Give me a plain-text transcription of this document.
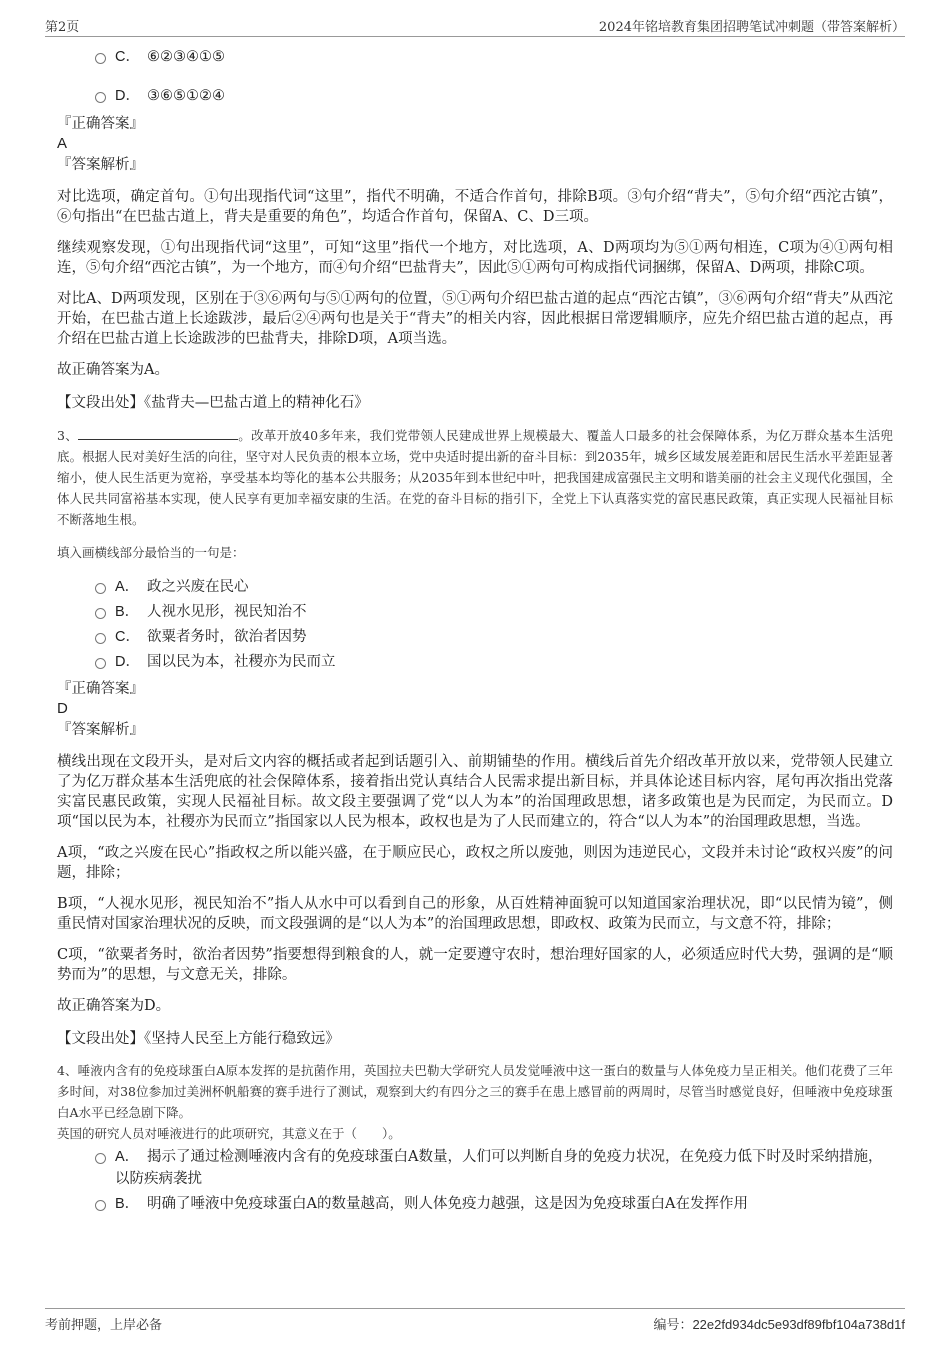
第2页	2024年铭培教育集团招聘笔试冲刺题（带答案解析）
C． ⑥②③④①⑤
D． ③⑥⑤①②④
『正确答案』
A
『答案解析』
对比选项，确定首句。①句出现指代词“这里”，指代不明确，不适合作首句，排除B项。③句介绍“背夫”，⑤句介绍“西沱古镇”，⑥句指出“在巴盐古道上，背夫是重要的角色”，均适合作首句，保留A、C、D三项。
继续观察发现，①句出现指代词“这里”，可知“这里”指代一个地方，对比选项，A、D两项均为⑤①两句相连，C项为④①两句相连，⑤句介绍“西沱古镇”，为一个地方，而④句介绍“巴盐背夫”，因此⑤①两句可构成指代词捆绑，保留A、D两项，排除C项。
对比A、D两项发现，区别在于③⑥两句与⑤①两句的位置，⑤①两句介绍巴盐古道的起点“西沱古镇”，③⑥两句介绍“背夫”从西沱开始，在巴盐古道上长途跋涉，最后②④两句也是关于“背夫”的相关内容，因此根据日常逻辑顺序，应先介绍巴盐古道的起点，再介绍在巴盐古道上长途跋涉的巴盐背夫，排除D项，A项当选。
故正确答案为A。
【文段出处】《盐背夫—巴盐古道上的精神化石》
3、	。改革开放40多年来，我们党带领人民建成世界上规模最大、覆盖人口最多的社会保障体系，为亿万群众基本生活兜底。根据人民对美好生活的向往，坚守对人民负责的根本立场，党中央适时提出新的奋斗目标：到2035年，城乡区域发展差距和居民生活水平差距显著缩小，使人民生活更为宽裕，享受基本均等化的基本公共服务；从2035年到本世纪中叶，把我国建成富强民主文明和谐美丽的社会主义现代化强国，全体人民共同富裕基本实现，使人民享有更加幸福安康的生活。在党的奋斗目标的指引下，全党上下认真落实党的富民惠民政策，真正实现人民福祉目标不断落地生根。
填入画横线部分最恰当的一句是：
A． 政之兴废在民心
B． 人视水见形，视民知治不
C． 欲粟者务时，欲治者因势
D． 国以民为本，社稷亦为民而立
『正确答案』
D
『答案解析』
横线出现在文段开头，是对后文内容的概括或者起到话题引入、前期铺垫的作用。横线后首先介绍改革开放以来，党带领人民建立了为亿万群众基本生活兜底的社会保障体系，接着指出党认真结合人民需求提出新目标，并具体论述目标内容，尾句再次指出党落实富民惠民政策，实现人民福祉目标。故文段主要强调了党“以人为本”的治国理政思想，诸多政策也是为民而定，为民而立。D项“国以民为本，社稷亦为民而立”指国家以人民为根本，政权也是为了人民而建立的，符合“以人为本”的治国理政思想，当选。
A项，“政之兴废在民心”指政权之所以能兴盛，在于顺应民心，政权之所以废弛，则因为违逆民心，文段并未讨论“政权兴废”的问题，排除；
B项，“人视水见形，视民知治不”指人从水中可以看到自己的形象，从百姓精神面貌可以知道国家治理状况，即“以民情为镜”，侧重民情对国家治理状况的反映，而文段强调的是“以人为本”的治国理政思想，即政权、政策为民而立，与文意不符，排除；
C项，“欲粟者务时，欲治者因势”指要想得到粮食的人，就一定要遵守农时，想治理好国家的人，必须适应时代大势，强调的是“顺势而为”的思想，与文意无关，排除。
故正确答案为D。
【文段出处】《坚持人民至上方能行稳致远》
4、唾液内含有的免疫球蛋白A原本发挥的是抗菌作用，英国拉夫巴勒大学研究人员发觉唾液中这一蛋白的数量与人体免疫力呈正相关。他们花费了三年多时间，对38位参加过美洲杯帆船赛的赛手进行了测试，观察到大约有四分之三的赛手在患上感冒前的两周时，尽管当时感觉良好，但唾液中免疫球蛋白A水平已经急剧下降。
英国的研究人员对唾液进行的此项研究，其意义在于（　　）。
A． 揭示了通过检测唾液内含有的免疫球蛋白A数量，人们可以判断自身的免疫力状况，在免疫力低下时及时采纳措施，以防疾病袭扰
B． 明确了唾液中免疫球蛋白A的数量越高，则人体免疫力越强，这是因为免疫球蛋白A在发挥作用
考前押题，上岸必备	编号：22e2fd934dc5e93df89fbf104a738d1f
